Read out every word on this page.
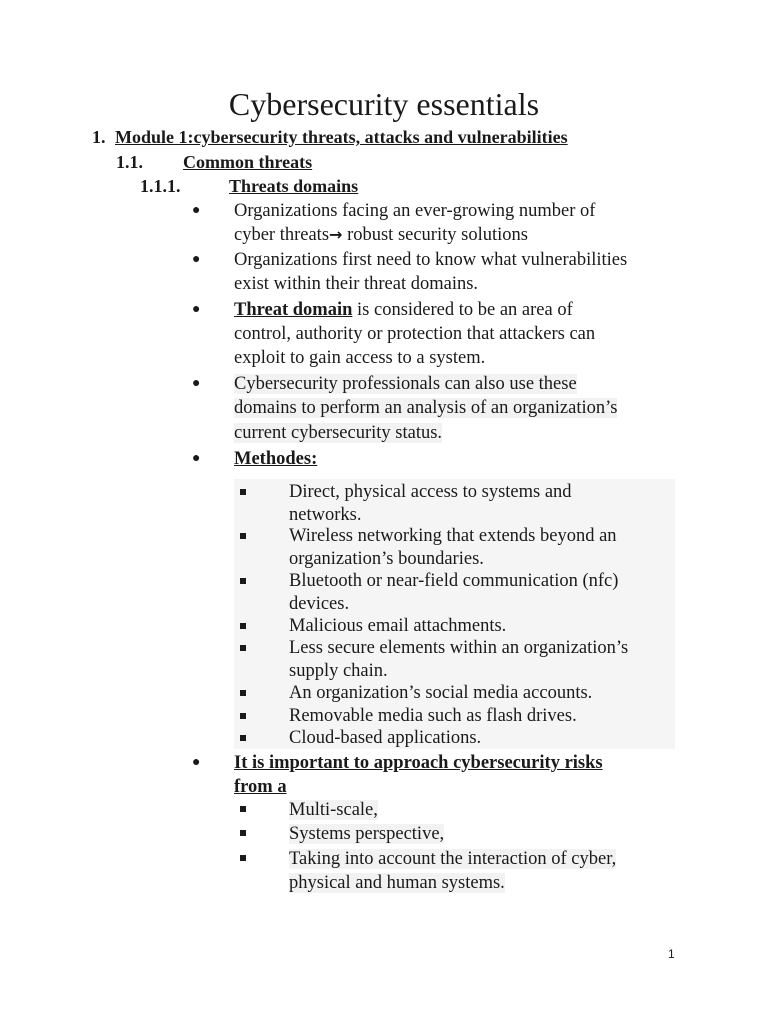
Cybersecurity essentials
1. Module 1:cybersecurity threats, attacks and vulnerabilities
1.1. Common threats
1.1.1.	Threats domains
● Organizations facing an ever-growing number of
cyber threats→ robust security solutions
● Organizations first need to know what vulnerabilities
exist within their threat domains.
● Threat domain is considered to be an area of
control, authority or protection that attackers can
exploit to gain access to a system.
● Cybersecurity professionals can also use these
domains to perform an analysis of an organization’s
current cybersecurity status.
● Methodes:
Direct, physical access to systems and
networks.
Wireless networking that extends beyond an
organization’s boundaries.
Bluetooth or near-field communication (nfc)
devices.
Malicious email attachments.
Less secure elements within an organization’s
supply chain.
An organization’s social media accounts.
Removable media such as flash drives.
Cloud-based applications.
● It is important to approach cybersecurity risks
from a
Multi-scale,
Systems perspective,
Taking into account the interaction of cyber,
physical and human systems.
1
